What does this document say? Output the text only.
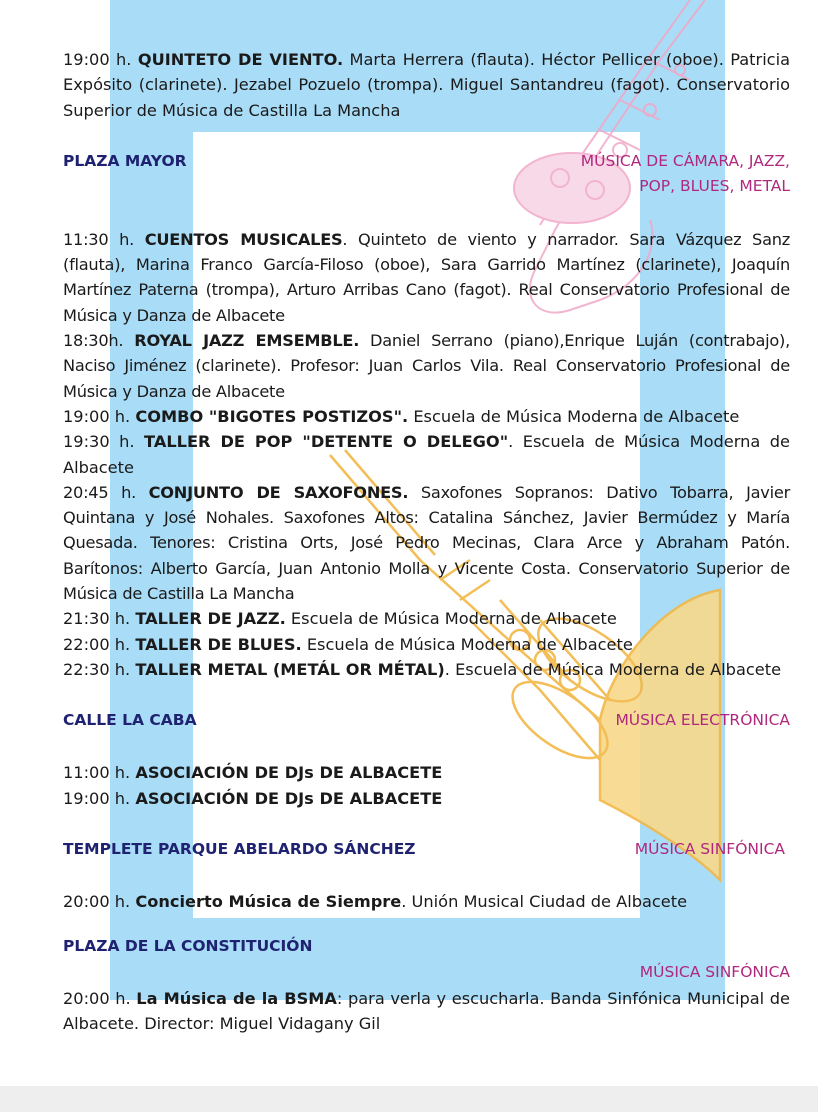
19:00 h. QUINTETO DE VIENTO. Marta Herrera (flauta). Héctor Pellicer (oboe). Patricia Expósito (clarinete). Jezabel Pozuelo (trompa). Miguel Santandreu (fagot). Conservatorio Superior de Música de Castilla La Mancha

PLAZA MAYOR	MÚSICA DE CÁMARA, JAZZ,
POP, BLUES, METAL

11:30 h. CUENTOS MUSICALES. Quinteto de viento y narrador. Sara Vázquez Sanz (flauta), Marina Franco García-Filoso (oboe), Sara Garrido Martínez (clarinete), Joaquín Martínez Paterna (trompa), Arturo Arribas Cano (fagot). Real Conservatorio Profesional de Música y Danza de Albacete

18:30h. ROYAL JAZZ EMSEMBLE. Daniel Serrano (piano),Enrique Luján (contrabajo), Naciso Jiménez (clarinete). Profesor: Juan Carlos Vila. Real Conservatorio Profesional de Música y Danza de Albacete

19:00 h. COMBO "BIGOTES POSTIZOS". Escuela de Música Moderna de Albacete

19:30 h. TALLER DE POP "DETENTE O DELEGO". Escuela de Música Moderna de Albacete

20:45 h. CONJUNTO DE SAXOFONES. Saxofones Sopranos: Dativo Tobarra, Javier Quintana y José Nohales. Saxofones Altos: Catalina Sánchez, Javier Bermúdez y María Quesada. Tenores: Cristina Orts, José Pedro Mecinas, Clara Arce y Abraham Patón. Barítonos: Alberto García, Juan Antonio Molla y Vicente Costa. Conservatorio Superior de Música de Castilla La Mancha

21:30 h. TALLER DE JAZZ. Escuela de Música Moderna de Albacete

22:00 h. TALLER DE BLUES. Escuela de Música Moderna de Albacete

22:30 h. TALLER METAL (METÁL OR MÉTAL). Escuela de Música Moderna de Albacete

CALLE LA CABA	MÚSICA ELECTRÓNICA

11:00 h. ASOCIACIÓN DE DJs DE ALBACETE

19:00 h. ASOCIACIÓN DE DJs DE ALBACETE

TEMPLETE PARQUE ABELARDO SÁNCHEZ	MÚSICA SINFÓNICA

20:00 h. Concierto Música de Siempre. Unión Musical Ciudad de Albacete

PLAZA DE LA CONSTITUCIÓN
MÚSICA SINFÓNICA

20:00 h. La Música de la BSMA: para verla y escucharla. Banda Sinfónica Municipal de Albacete. Director: Miguel Vidagany Gil
